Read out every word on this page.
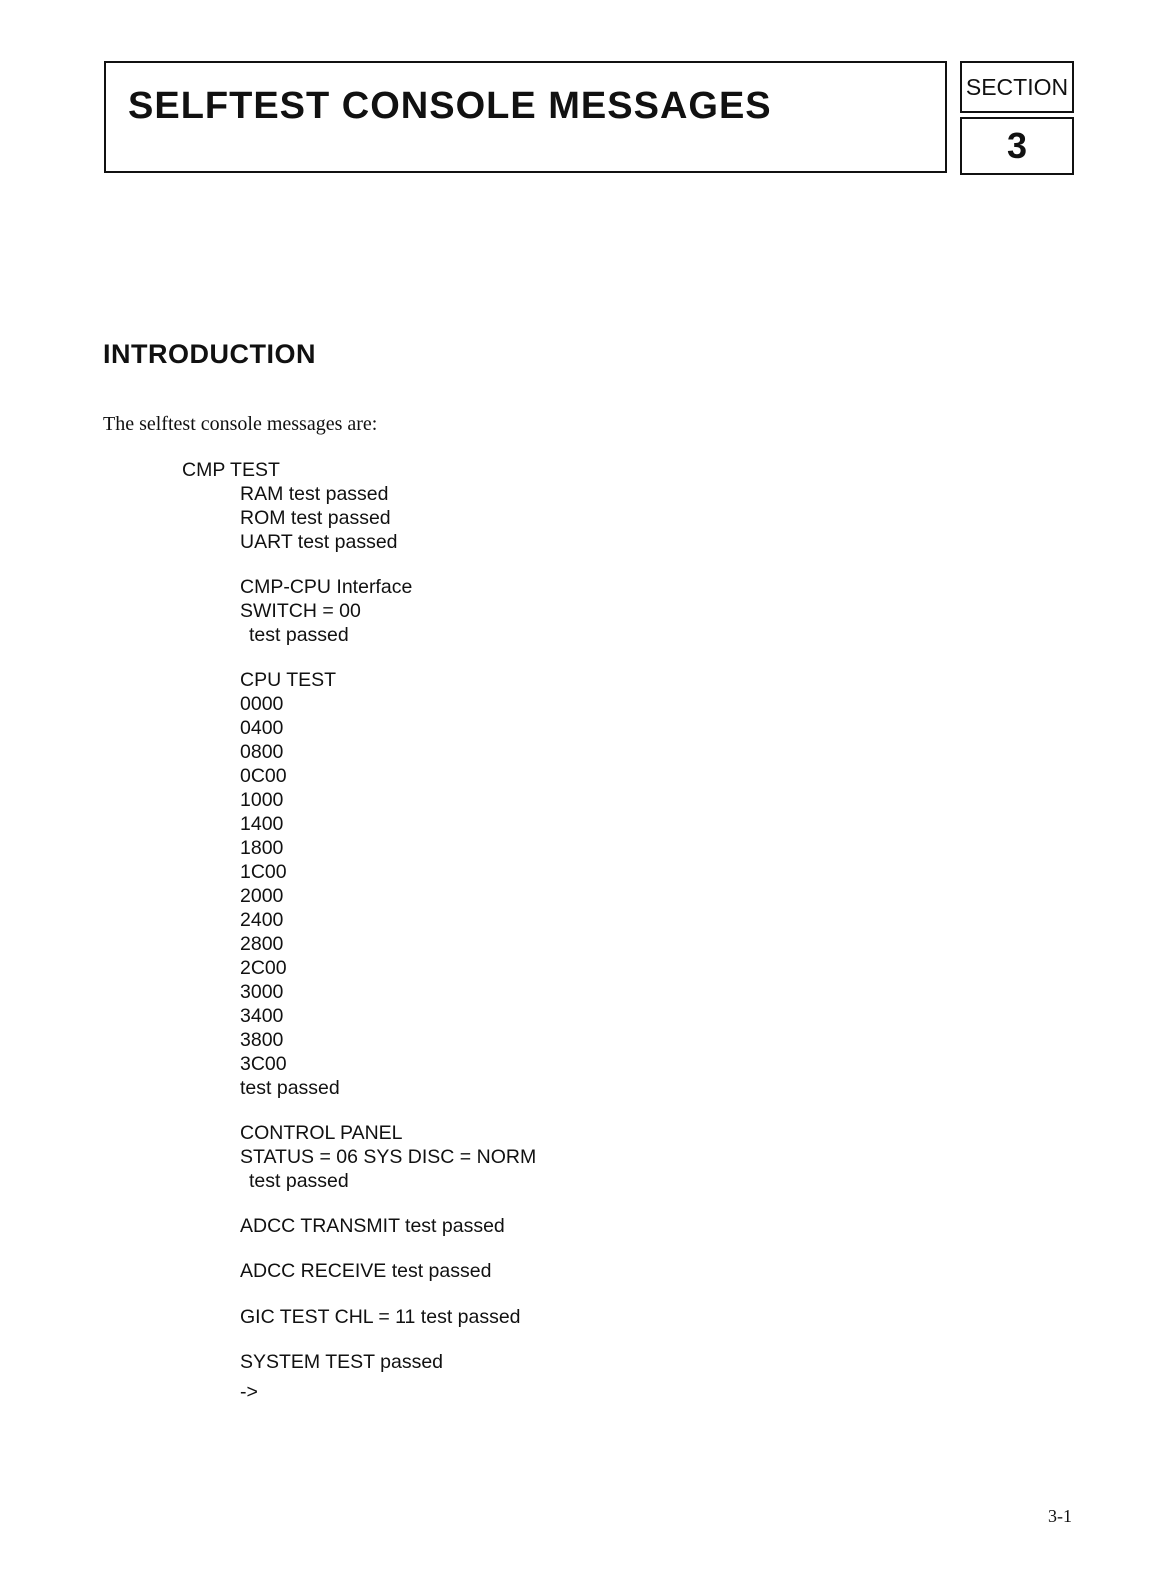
SELFTEST CONSOLE MESSAGES	SECTION
3
INTRODUCTION
The selftest console messages are:
CMP TEST
RAM test passed
ROM test passed
UART test passed
CMP-CPU Interface
SWITCH = 00
test passed
CPU TEST
0000
0400
0800
0C00
1000
1400
1800
1C00
2000
2400
2800
2C00
3000
3400
3800
3C00
test passed
CONTROL PANEL
STATUS = 06 SYS DISC = NORM
test passed
ADCC TRANSMIT test passed
ADCC RECEIVE test passed
GIC TEST CHL = 11 test passed
SYSTEM TEST passed
->
3-1
